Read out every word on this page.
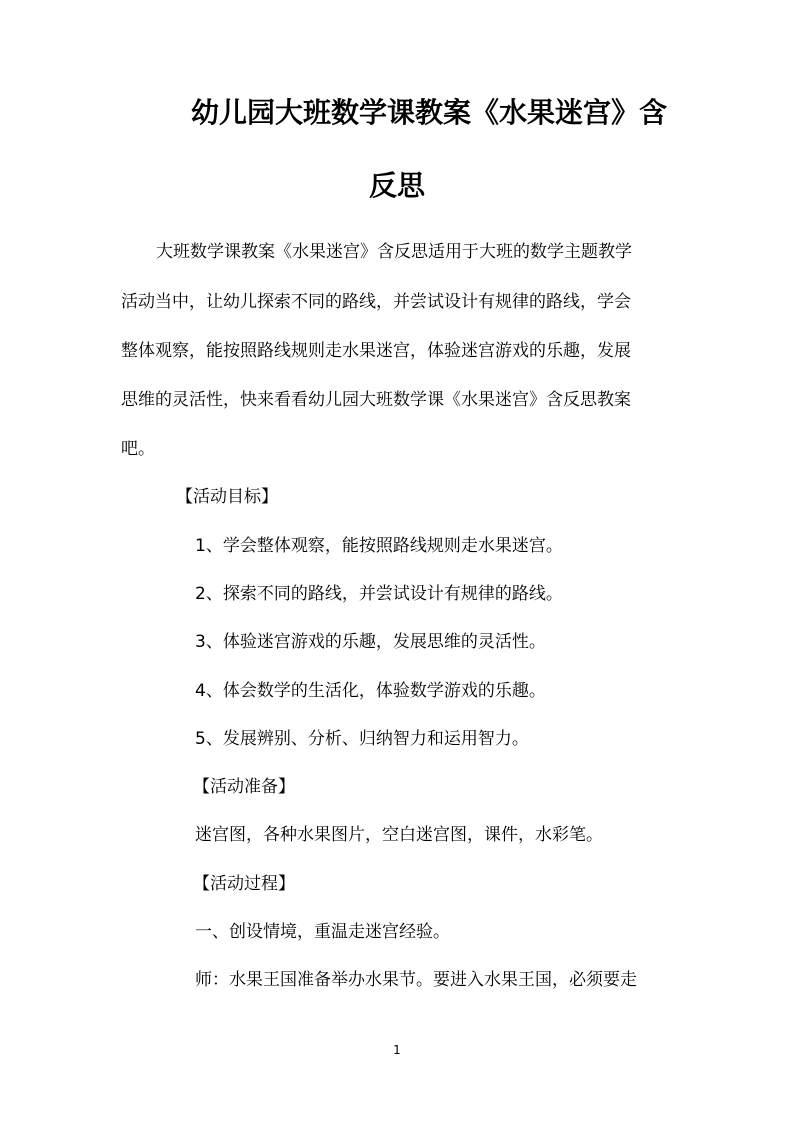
幼儿园大班数学课教案《水果迷宫》含
反思
大班数学课教案《水果迷宫》含反思适用于大班的数学主题教学
活动当中，让幼儿探索不同的路线，并尝试设计有规律的路线，学会
整体观察，能按照路线规则走水果迷宫，体验迷宫游戏的乐趣，发展
思维的灵活性，快来看看幼儿园大班数学课《水果迷宫》含反思教案
吧。
【活动目标】
1、学会整体观察，能按照路线规则走水果迷宫。
2、探索不同的路线，并尝试设计有规律的路线。
3、体验迷宫游戏的乐趣，发展思维的灵活性。
4、体会数学的生活化，体验数学游戏的乐趣。
5、发展辨别、分析、归纳智力和运用智力。
【活动准备】
迷宫图，各种水果图片，空白迷宫图，课件，水彩笔。
【活动过程】
一、创设情境，重温走迷宫经验。
师：水果王国准备举办水果节。要进入水果王国，必须要走
1
